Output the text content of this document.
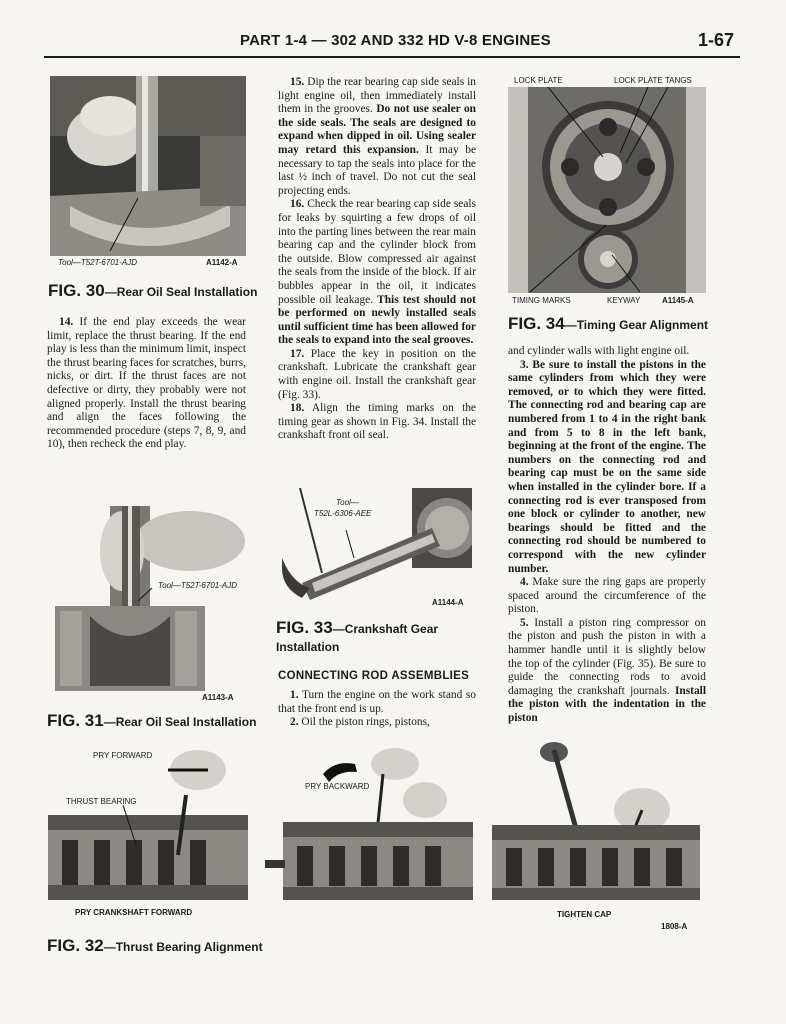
PART 1-4 — 302 AND 332 HD V-8 ENGINES	1-67
Tool—T52T-6701-AJD	A1142-A
FIG. 30—Rear Oil Seal Installation

14. If the end play exceeds the wear limit, replace the thrust bearing. If the end play is less than the minimum limit, inspect the thrust bearing faces for scratches, burrs, nicks, or dirt. If the thrust faces are not defective or dirty, they probably were not aligned properly. Install the thrust bearing and align the faces following the recommended procedure (steps 7, 8, 9, and 10), then recheck the end play.

Tool—T52T-6701-AJD
A1143-A
FIG. 31—Rear Oil Seal Installation

15. Dip the rear bearing cap side seals in light engine oil, then immediately install them in the grooves. Do not use sealer on the side seals. The seals are designed to expand when dipped in oil. Using sealer may retard this expansion. It may be necessary to tap the seals into place for the last ½ inch of travel. Do not cut the seal projecting ends.

16. Check the rear bearing cap side seals for leaks by squirting a few drops of oil into the parting lines between the rear main bearing cap and the cylinder block from the outside. Blow compressed air against the seals from the inside of the block. If air bubbles appear in the oil, it indicates possible oil leakage. This test should not be performed on newly installed seals until sufficient time has been allowed for the seals to expand into the seal grooves.

17. Place the key in position on the crankshaft. Lubricate the crankshaft gear with engine oil. Install the crankshaft gear (Fig. 33).

18. Align the timing marks on the timing gear as shown in Fig. 34. Install the crankshaft front oil seal.

Tool—
T52L-6306-AEE
A1144-A
FIG. 33—Crankshaft Gear
Installation
CONNECTING ROD ASSEMBLIES

1. Turn the engine on the work stand so that the front end is up.

2. Oil the piston rings, pistons,

LOCK PLATE	LOCK PLATE TANGS
TIMING MARKS	KEYWAY	A1145-A
FIG. 34—Timing Gear Alignment

and cylinder walls with light engine oil.

3. Be sure to install the pistons in the same cylinders from which they were removed, or to which they were fitted. The connecting rod and bearing cap are numbered from 1 to 4 in the right bank and from 5 to 8 in the left bank, beginning at the front of the engine. The numbers on the connecting rod and bearing cap must be on the same side when installed in the cylinder bore. If a connecting rod is ever transposed from one block or cylinder to another, new bearings should be fitted and the connecting rod should be numbered to correspond with the new cylinder number.

4. Make sure the ring gaps are properly spaced around the circumference of the piston.

5. Install a piston ring compressor on the piston and push the piston in with a hammer handle until it is slightly below the top of the cylinder (Fig. 35). Be sure to guide the connecting rods to avoid damaging the crankshaft journals. Install the piston with the indentation in the piston

PRY FORWARD
THRUST BEARING
PRY CRANKSHAFT FORWARD
PRY BACKWARD
TIGHTEN CAP
1808-A
FIG. 32—Thrust Bearing Alignment
